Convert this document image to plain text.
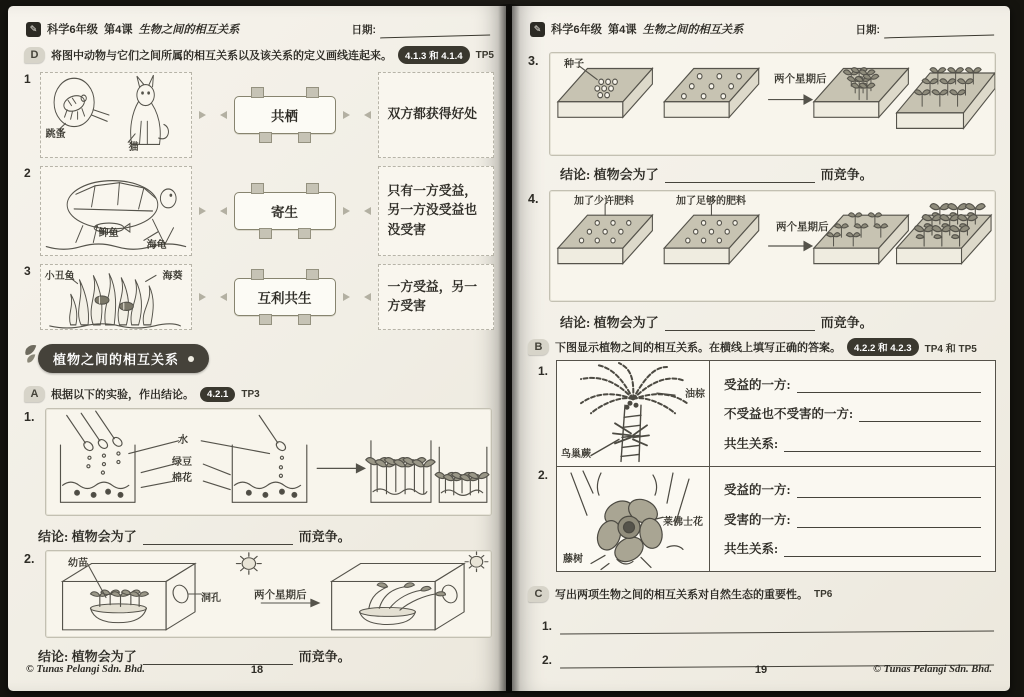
✎ 科学6年级 第4课 生物之间的相互关系	日期:
D	将图中动物与它们之间所属的相互关系以及该关系的定义画线连起来。	4.1.3 和 4.1.4	TP5
1
跳蚤
猫
共栖	双方都获得好处

2
䲟鱼
海龟
寄生

只有一方受益，另一方没受益也没受害

3 小丑鱼	海葵
互利共生

一方受益，另一方受害

植物之间的相互关系
A	根据以下的实验，作出结论。	4.2.1	TP3
1.
水
绿豆
棉花
结论: 植物会为了	而竞争。
2.	幼苗
洞孔	两个星期后
结论: 植物会为了	而竞争。
© Tunas Pelangi Sdn. Bhd.	18
✎ 科学6年级 第4课 生物之间的相互关系	日期:
3.	种子
两个星期后
结论: 植物会为了	而竞争。
4.	加了少许肥料	加了足够的肥料
两个星期后
结论: 植物会为了	而竞争。
B	下图显示植物之间的相互关系。在横线上填写正确的答案。	4.2.2 和 4.2.3	TP4 和 TP5
1.
2.
油棕
鸟巢蕨
受益的一方:
不受益也不受害的一方:
共生关系:
莱佛士花
藤树
受益的一方:
受害的一方:
共生关系:
C	写出两项生物之间的相互关系对自然生态的重要性。 TP6
1.
2.
19	© Tunas Pelangi Sdn. Bhd.
